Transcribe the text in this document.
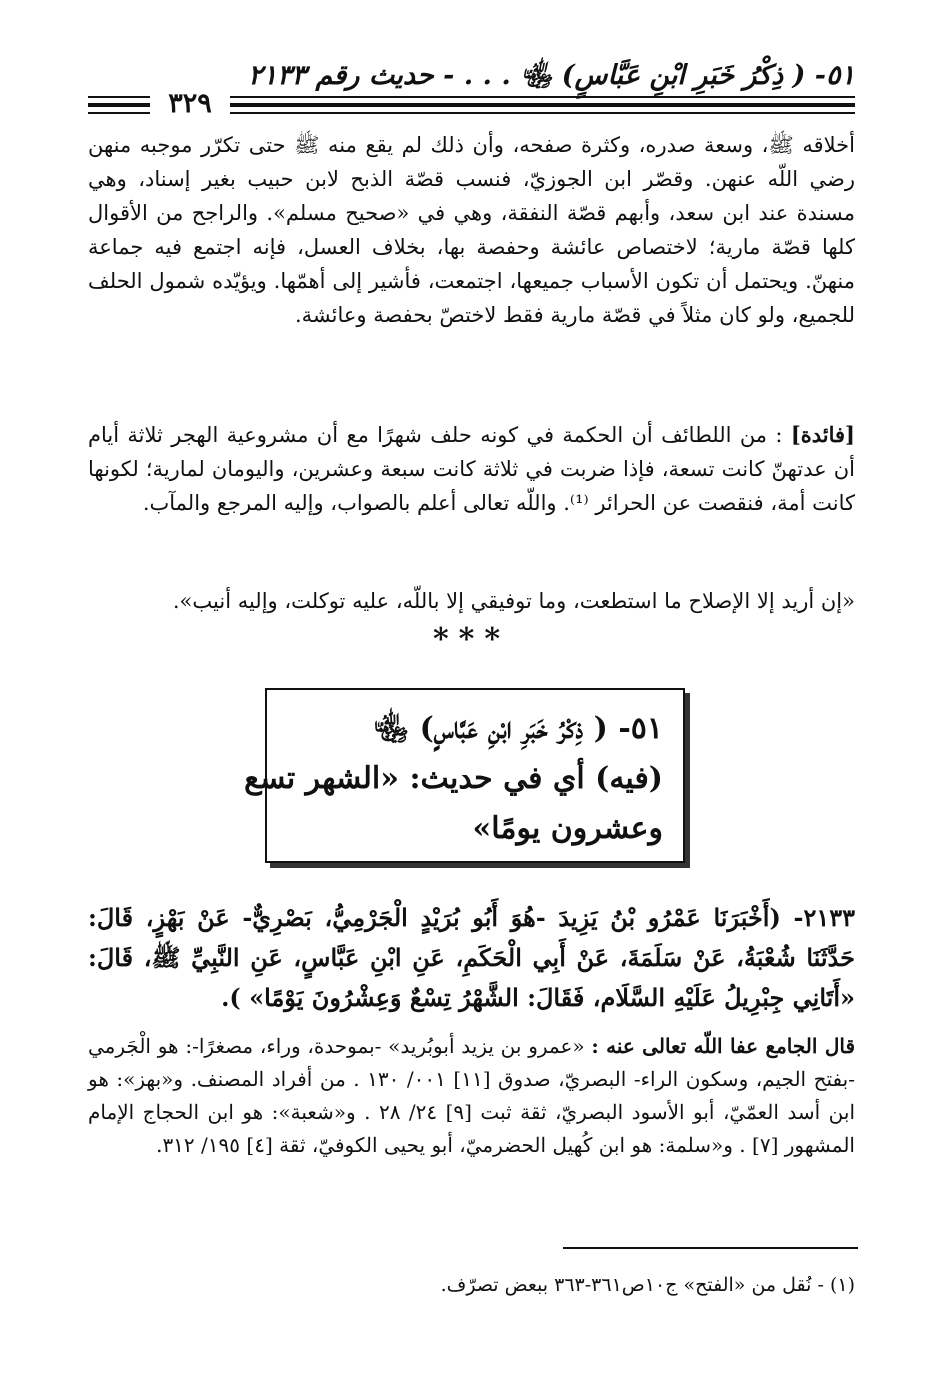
٥١- ( ذِكْرُ خَبَرِ ابْنِ عَبَّاسٍ) ﵄ . . . - حديث رقم ٢١٣٣
٣٢٩

أخلاقه ﷺ، وسعة صدره، وكثرة صفحه، وأن ذلك لم يقع منه ﷺ حتى تكرّر موجبه منهن رضي اللّه عنهن. وقصّر ابن الجوزيّ، فنسب قصّة الذبح لابن حبيب بغير إسناد، وهي مسندة عند ابن سعد، وأبهم قصّة النفقة، وهي في «صحيح مسلم». والراجح من الأقوال كلها قصّة مارية؛ لاختصاص عائشة وحفصة بها، بخلاف العسل، فإنه اجتمع فيه جماعة منهنّ. ويحتمل أن تكون الأسباب جميعها، اجتمعت، فأشير إلى أهمّها. ويؤيّده شمول الحلف للجميع، ولو كان مثلاً في قصّة مارية فقط لاختصّ بحفصة وعائشة.

[فائدة] : من اللطائف أن الحكمة في كونه حلف شهرًا مع أن مشروعية الهجر ثلاثة أيام أن عدتهنّ كانت تسعة، فإذا ضربت في ثلاثة كانت سبعة وعشرين، واليومان لمارية؛ لكونها كانت أمة، فنقصت عن الحرائر ⁽¹⁾. واللّه تعالى أعلم بالصواب، وإليه المرجع والمآب.

«إن أريد إلا الإصلاح ما استطعت، وما توفيقي إلا باللّه، عليه توكلت، وإليه أنيب».
***
٥١- ( ذِكْرُ خَبَرِ ابْنِ عَبَّاسٍ) ﵄
(فيه) أي في حديث: «الشهر تسع
وعشرون يومًا»
٢١٣٣- (أَخْبَرَنَا عَمْرُو بْنُ يَزِيدَ -هُوَ أَبُو بُرَيْدٍ الْجَرْمِيُّ، بَصْرِيٌّ- عَنْ بَهْزٍ، قَالَ: حَدَّثَنَا شُعْبَةُ، عَنْ سَلَمَةَ، عَنْ أَبِي الْحَكَمِ، عَنِ ابْنِ عَبَّاسٍ، عَنِ النَّبِيِّ ﷺ، قَالَ: «أَتَانِي جِبْرِيلُ عَلَيْهِ السَّلَام، فَقَالَ: الشَّهْرُ تِسْعٌ وَعِشْرُونَ يَوْمًا» ).

قال الجامع عفا اللّه تعالى عنه : «عمرو بن يزيد أبوبُريد» -بموحدة، وراء، مصغرًا-: هو الْجَرمي -بفتح الجيم، وسكون الراء- البصريّ، صدوق [١١] ٠٠١/ ١٣٠ . من أفراد المصنف. و«بهز»: هو ابن أسد العمّيّ، أبو الأسود البصريّ، ثقة ثبت [٩] ٢٤/ ٢٨ . و«شعبة»: هو ابن الحجاج الإمام المشهور [٧] . و«سلمة: هو ابن كُهيل الحضرميّ، أبو يحيى الكوفيّ، ثقة [٤] ١٩٥/ ٣١٢.

(١) - نُقل من «الفتح» ج١٠ص٣٦١-٣٦٣ ببعض تصرّف.
